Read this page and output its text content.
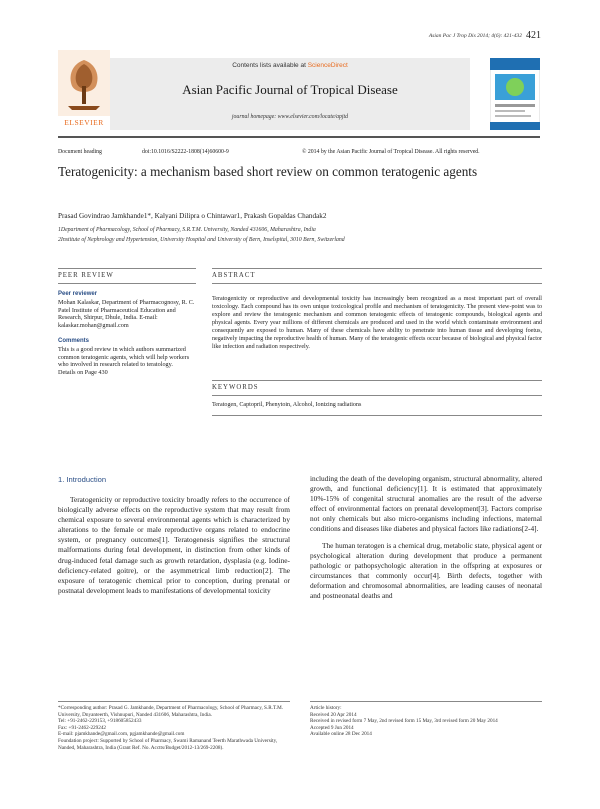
Asian Pac J Trop Dis 2014; 4(6): 421-432 421
ELSEVIER
Contents lists available at ScienceDirect
Asian Pacific Journal of Tropical Disease
journal homepage: www.elsevier.com/locate/apjtd
Document heading	doi:10.1016/S2222-1808(14)60600-9	© 2014 by the Asian Pacific Journal of Tropical Disease. All rights reserved.
Teratogenicity: a mechanism based short review on common teratogenic agents
Prasad Govindrao Jamkhande1*, Kalyani Dilipra o Chintawar1, Prakash Gopaldas Chandak2
1Department of Pharmacology, School of Pharmacy, S.R.T.M. University, Nanded 431606, Maharashtra, India
2Institute of Nephrology and Hypertension, University Hospital and University of Bern, Inselspital, 3010 Bern, Switzerland
PEER REVIEW	ABSTRACT

Peer reviewer

Mohan Kalaskar, Department of Pharmacognosy, R. C. Patel Institute of Pharmaceutical Education and Research, Shirpur, Dhule, India. E-mail: kalaskar.mohan@gmail.com

Comments

This is a good review in which authors summarized common teratogenic agents, which will help workers who involved in research related to teratology.

Details on Page 430

Teratogenicity or reproductive and developmental toxicity has increasingly been recognized as a most important part of overall toxicology. Each compound has its own unique toxicological profile and mechanism of teratogenicity. The present view-point was to explore and review the teratogenic mechanism and common teratogenic effects of teratogenic compounds, biological agents and physical agents. Every year millions of different chemicals are produced and used in the world which contaminate environment and consequently are exposed to human. Many of these chemicals have ability to penetrate into human tissue and developing foetus, negatively impacting the reproductive health of human. Many of the teratogenic effects occur because of biological and physical factor like infection and radiation respectively.
KEYWORDS
Teratogen, Captopril, Phenytoin, Alcohol, Ionizing radiations
1. Introduction

Teratogenicity or reproductive toxicity broadly refers to the occurrence of biologically adverse effects on the reproductive system that may result from chemical exposure to several environmental agents which is characterized by alterations to the female or male reproductive organs related to endocrine system, or pregnancy outcomes[1]. Teratogenesis signifies the structural malformations during fetal development, in distinction from other kinds of drug-induced fetal damage such as growth retardation, dysplasia (e.g. Iodine-deficiency-related goitre), or the asymmetrical limb reduction[2]. The exposure of teratogenic chemical prior to conception, during prenatal or postnatal development leads to manifestations of developmental toxicity

including the death of the developing organism, structural abnormality, altered growth, and functional deficiency[1]. It is estimated that approximately 10%-15% of congenital structural anomalies are the result of the adverse effect of environmental factors on prenatal development[3]. Factors comprise not only chemicals but also micro-organisms including infections, maternal conditions and diseases like diabetes and physical factors like radiations[2-4].

The human teratogen is a chemical drug, metabolic state, physical agent or psychological alteration during development that produce a permanent pathologic or pathopsychologic alteration in the offspring at exposures or circumstances that commonly occur[4]. Birth defects, together with deformation and chromosomal abnormalities, are leading causes of neonatal and postneonatal deaths and

*Corresponding author: Prasad G. Jamkhande, Department of Pharmacology, School of Pharmacy, S.R.T.M. University, Dnyanteerth, Vishnupuri, Nanded 431606, Maharashtra, India.
Tel: +91-2462-229153, +918605852433
Fax: +91-2462-229242
E-mail: pjamkhande@gmail.com, pgjamkhande@gmail.com
Foundation project: Supported by School of Pharmacy, Swami Ramanand Teerth Marathwada University, Nanded, Maharashtra, India (Grant Ref. No. Acctts/Budget/2012-13/269-2208).
Article history:
Received 20 Apr 2014
Received in revised form 7 May, 2nd revised form 15 May, 3rd revised form 20 May 2014
Accepted 9 Jun 2014
Available online 28 Dec 2014
